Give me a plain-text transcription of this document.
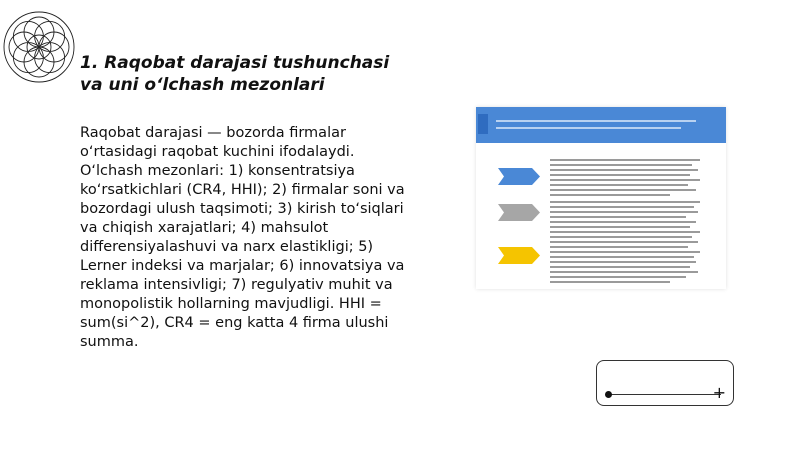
1. Raqobat darajasi tushunchasi va uni o‘lchash mezonlari

Raqobat darajasi — bozorda firmalar o‘rtasidagi raqobat kuchini ifodalaydi. O‘lchash mezonlari: 1) konsentratsiya ko‘rsatkichlari (CR4, HHI); 2) firmalar soni va bozordagi ulush taqsimoti; 3) kirish to‘siqlari va chiqish xarajatlari; 4) mahsulot differensiyalashuvi va narx elastikligi; 5) Lerner indeksi va marjalar; 6) innovatsiya va reklama intensivligi; 7) regulyativ muhit va monopolistik hollarning mavjudligi. HHI = sum(si^2), CR4 = eng katta 4 firma ulushi summa.

+
